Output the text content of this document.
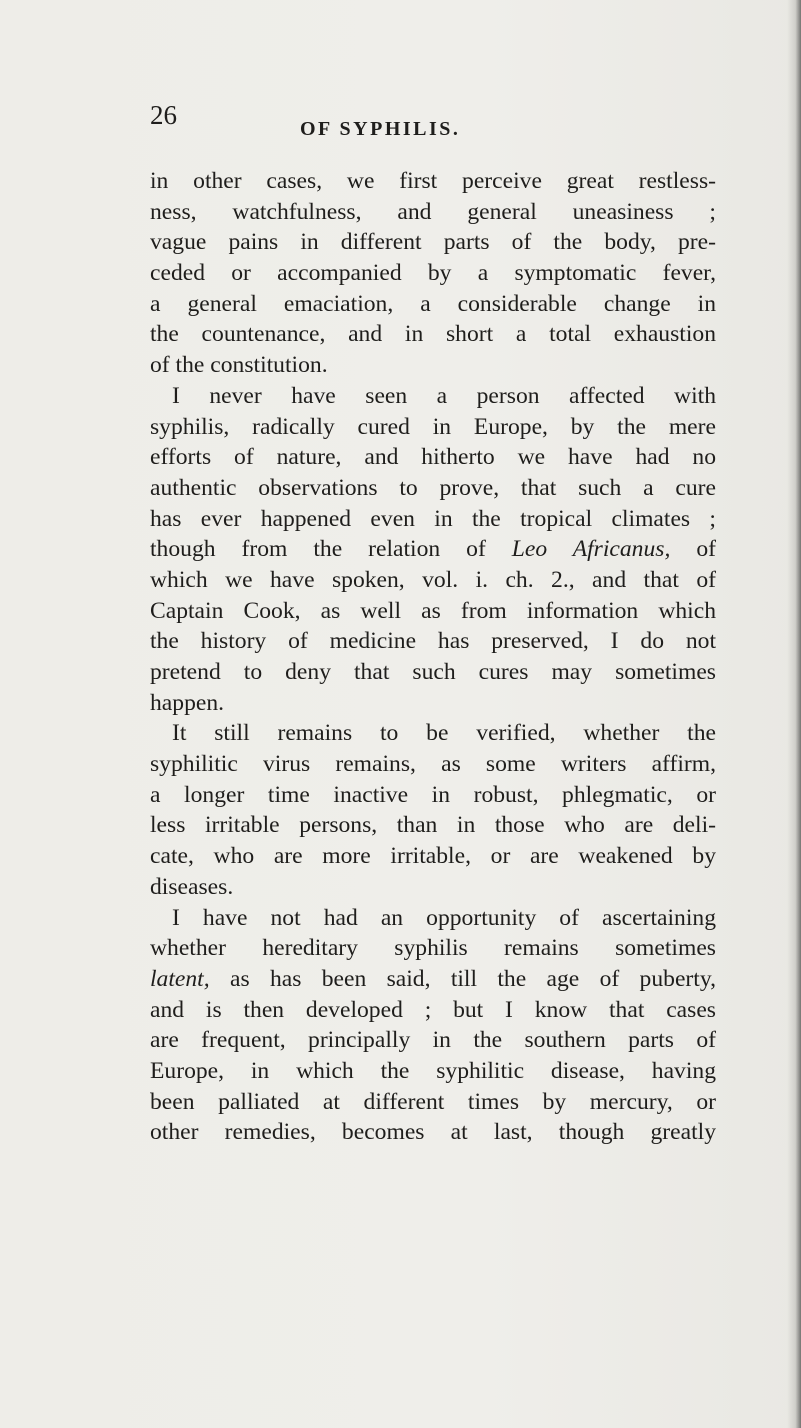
26	OF SYPHILIS.
in other cases, we first perceive great restless-
ness, watchfulness, and general uneasiness ;
vague pains in different parts of the body, pre-
ceded or accompanied by a symptomatic fever,
a general emaciation, a considerable change in
the countenance, and in short a total exhaustion
of the constitution.
I never have seen a person affected with
syphilis, radically cured in Europe, by the mere
efforts of nature, and hitherto we have had no
authentic observations to prove, that such a cure
has ever happened even in the tropical climates ;
though from the relation of Leo Africanus, of
which we have spoken, vol. i. ch. 2., and that of
Captain Cook, as well as from information which
the history of medicine has preserved, I do not
pretend to deny that such cures may sometimes
happen.
It still remains to be verified, whether the
syphilitic virus remains, as some writers affirm,
a longer time inactive in robust, phlegmatic, or
less irritable persons, than in those who are deli-
cate, who are more irritable, or are weakened by
diseases.
I have not had an opportunity of ascertaining
whether hereditary syphilis remains sometimes
latent, as has been said, till the age of puberty,
and is then developed ; but I know that cases
are frequent, principally in the southern parts of
Europe, in which the syphilitic disease, having
been palliated at different times by mercury, or
other remedies, becomes at last, though greatly
